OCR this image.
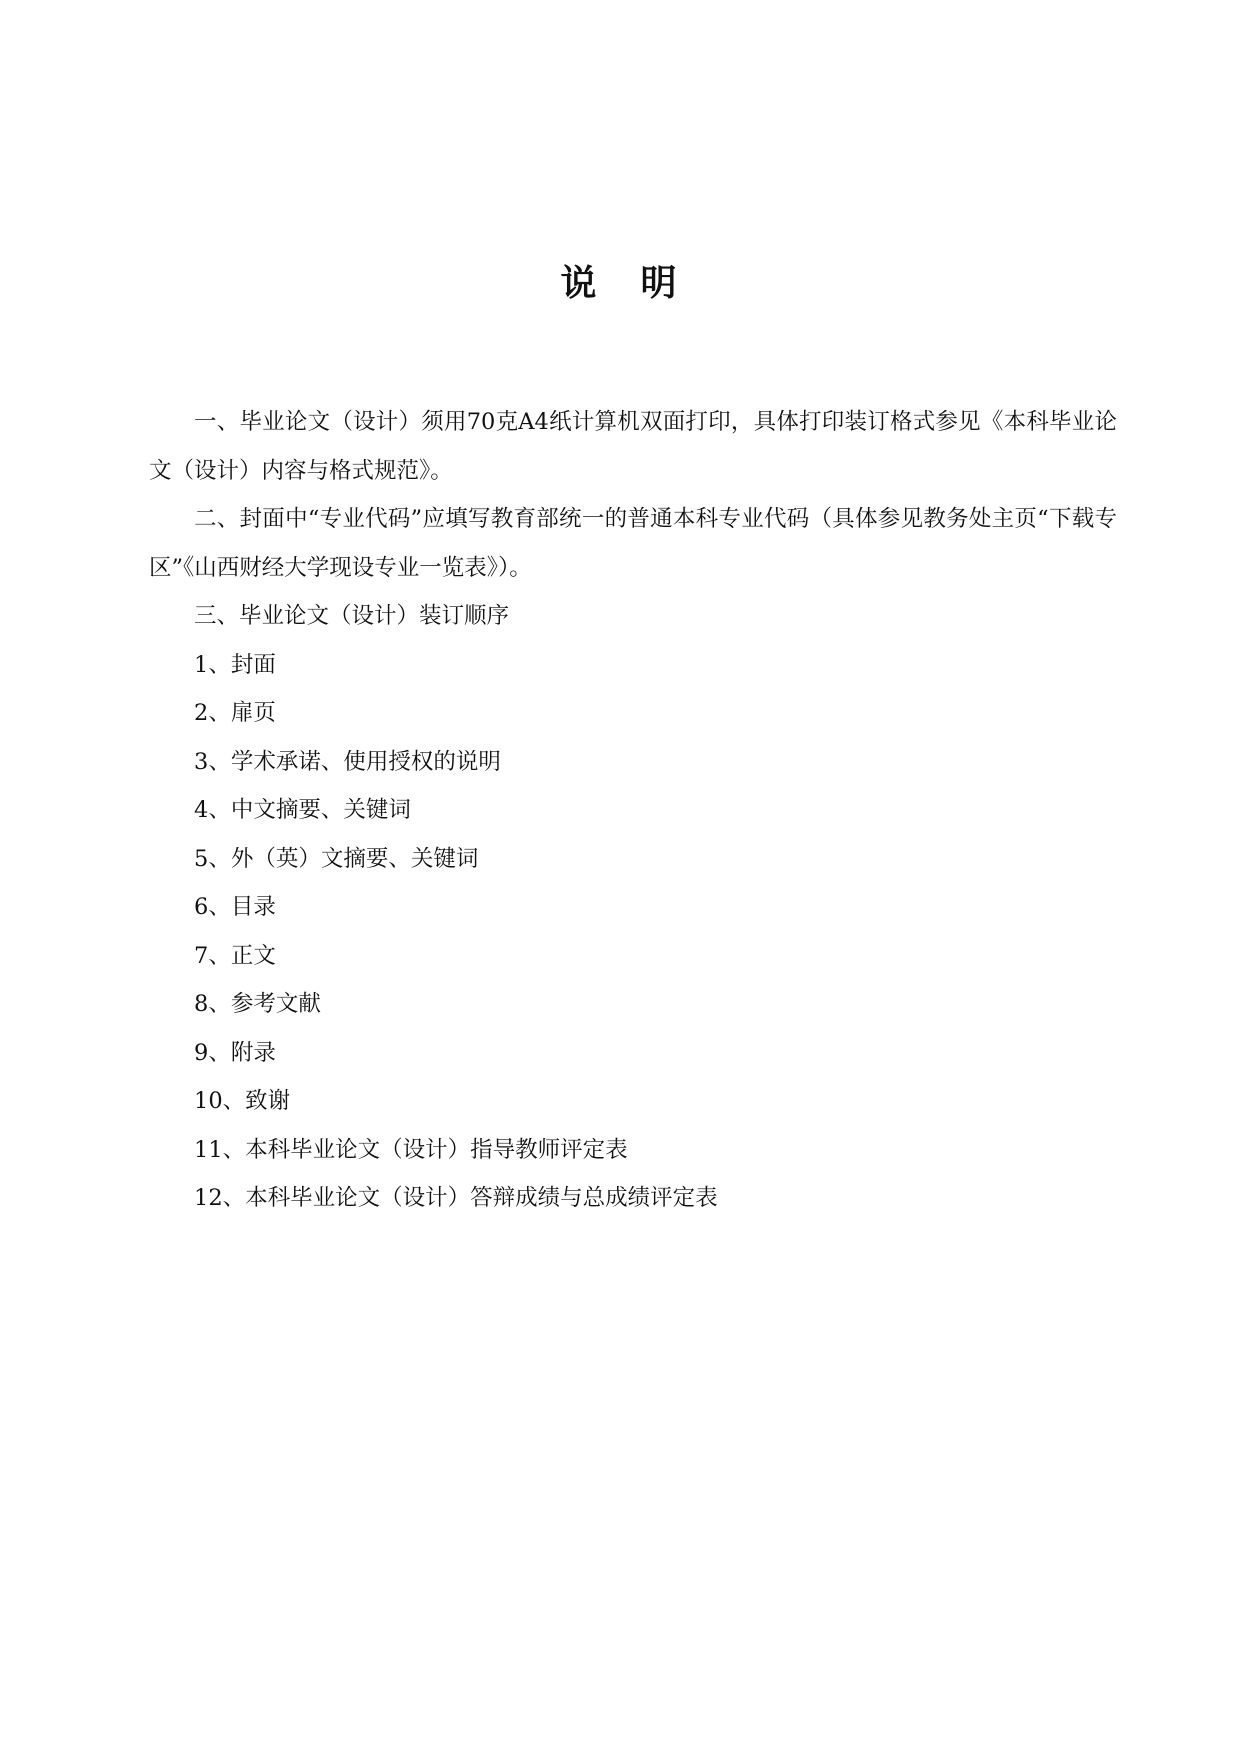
说　明

一、毕业论文（设计）须用70克A4纸计算机双面打印，具体打印装订格式参见《本科毕业论文（设计）内容与格式规范》。

二、封面中“专业代码”应填写教育部统一的普通本科专业代码（具体参见教务处主页“下载专区”《山西财经大学现设专业一览表》）。

三、毕业论文（设计）装订顺序

1、封面

2、扉页

3、学术承诺、使用授权的说明

4、中文摘要、关键词

5、外（英）文摘要、关键词

6、目录

7、正文

8、参考文献

9、附录

10、致谢

11、本科毕业论文（设计）指导教师评定表

12、本科毕业论文（设计）答辩成绩与总成绩评定表
